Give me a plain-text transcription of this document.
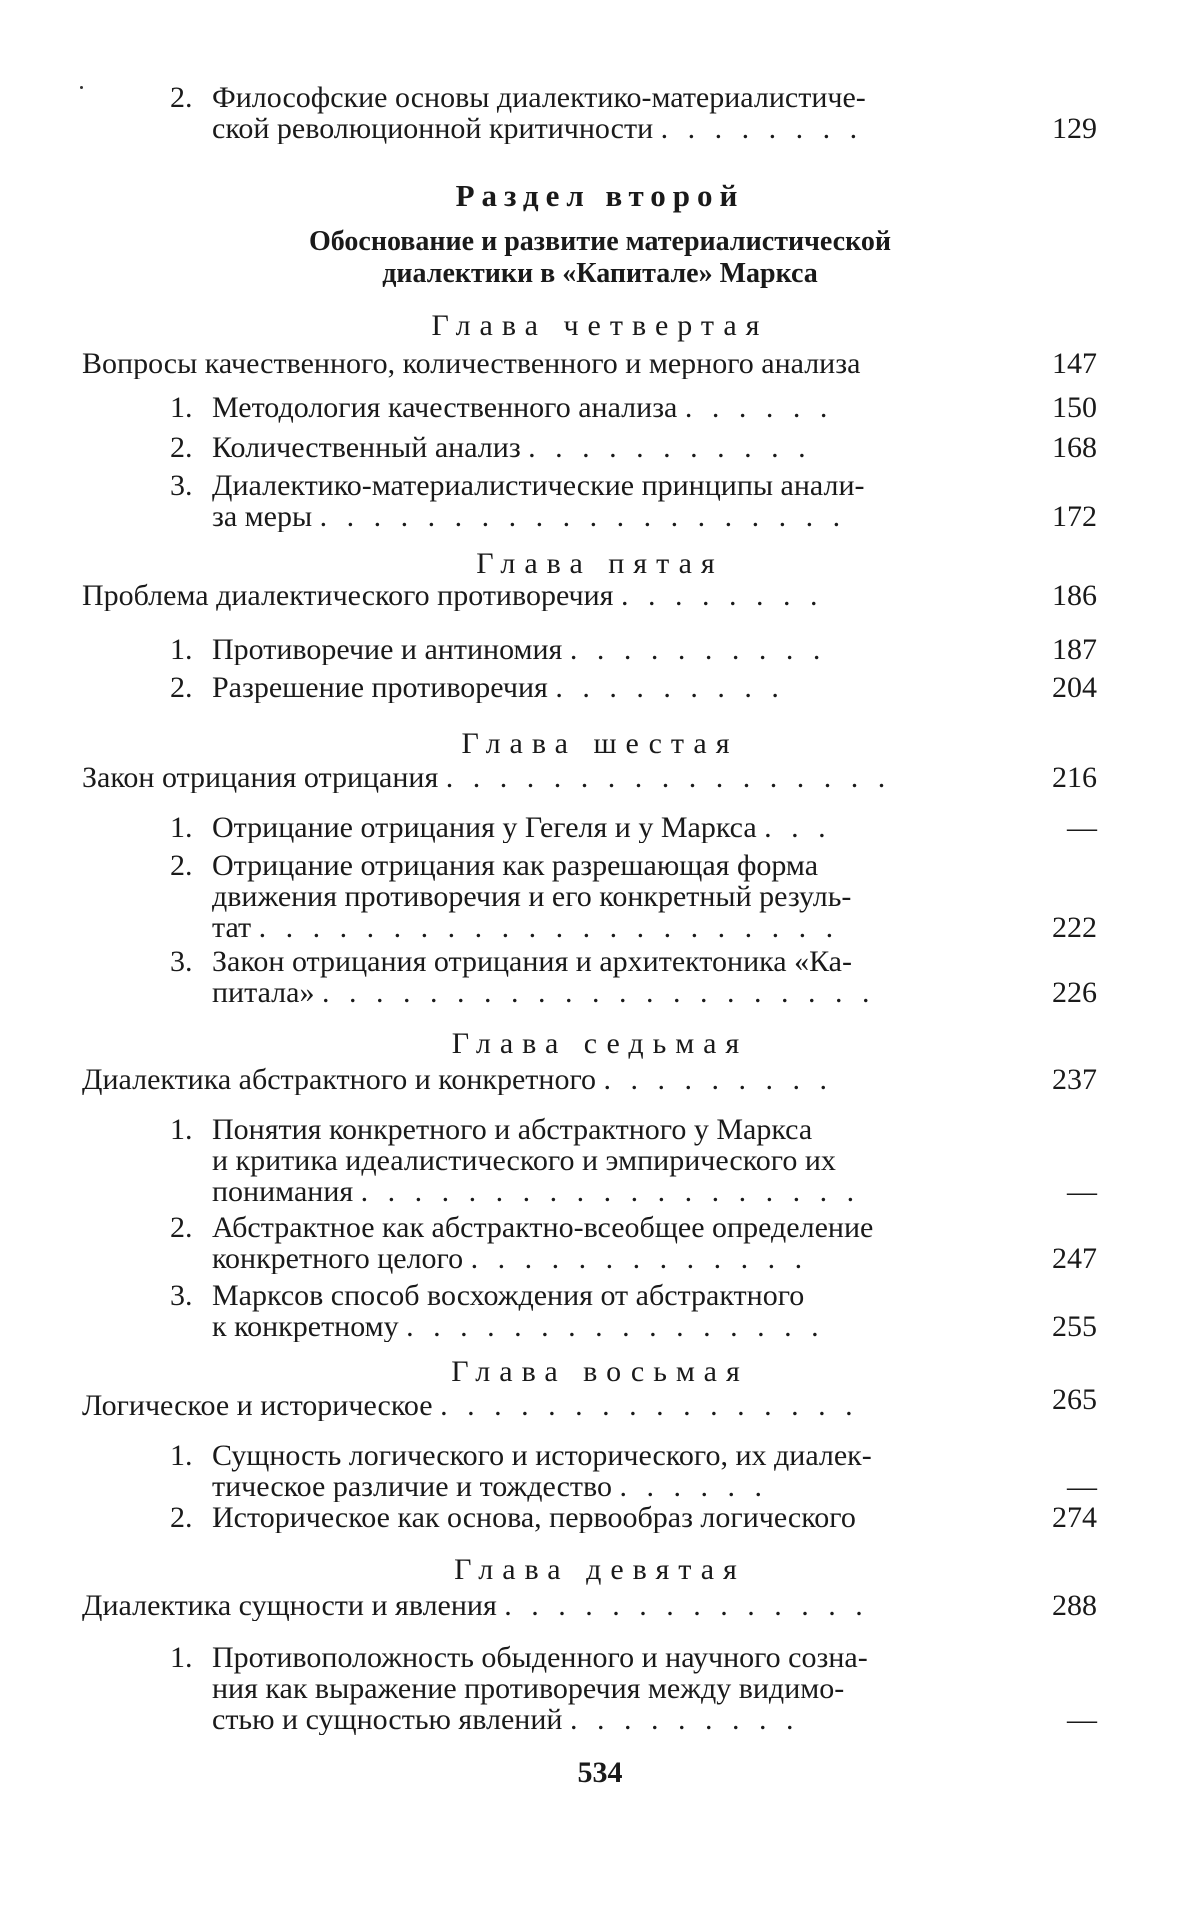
2. Философские основы диалектико-материалистиче-
ской революционной критичности . . . . . . . .	129
Раздел второй
Обоснование и развитие материалистической
диалектики в «Капитале» Маркса
Глава четвертая
Вопросы качественного, количественного и мерного анализа	147
1. Методология качественного анализа . . . . . .	150
2. Количественный анализ . . . . . . . . . . .	168
3. Диалектико-материалистические принципы анали-
за меры . . . . . . . . . . . . . . . . . . . .	172
Глава пятая
Проблема диалектического противоречия . . . . . . . .	186
1. Противоречие и антиномия . . . . . . . . . .	187
2. Разрешение противоречия . . . . . . . . .	204
Глава шестая
Закон отрицания отрицания . . . . . . . . . . . . . . . . .	216
1. Отрицание отрицания у Гегеля и у Маркса . . .	—
2. Отрицание отрицания как разрешающая форма
движения противоречия и его конкретный резуль-
тат . . . . . . . . . . . . . . . . . . . . . .	222
3. Закон отрицания отрицания и архитектоника «Ка-
питала» . . . . . . . . . . . . . . . . . . . . .	226
Глава седьмая
Диалектика абстрактного и конкретного . . . . . . . . .	237
1. Понятия конкретного и абстрактного у Маркса
и критика идеалистического и эмпирического их
понимания . . . . . . . . . . . . . . . . . . .	—
2. Абстрактное как абстрактно-всеобщее определение
конкретного целого . . . . . . . . . . . . .	247
3. Марксов способ восхождения от абстрактного
к конкретному . . . . . . . . . . . . . . . .	255
Глава восьмая
Логическое и историческое . . . . . . . . . . . . . . . .	265
1. Сущность логического и исторического, их диалек-
тическое различие и тождество . . . . . .	—
2. Историческое как основа, первообраз логического	274
Глава девятая
Диалектика сущности и явления . . . . . . . . . . . . . .	288
1. Противоположность обыденного и научного созна-
ния как выражение противоречия между видимо-
стью и сущностью явлений . . . . . . . . .	—
534
